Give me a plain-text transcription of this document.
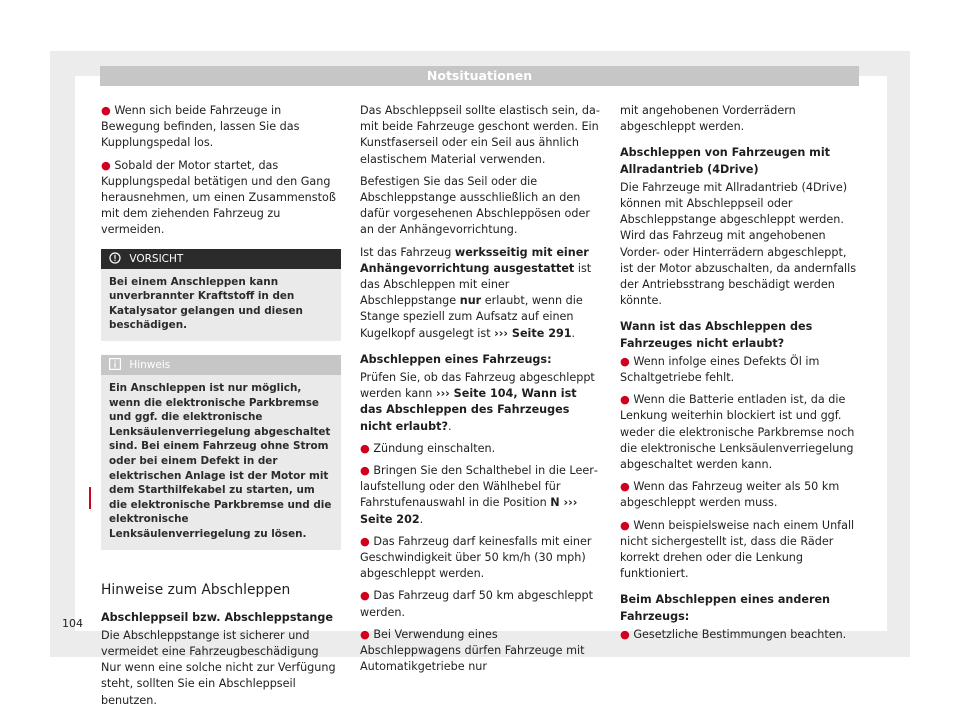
Notsituationen
● Wenn sich beide Fahrzeuge in Bewegung befinden, lassen Sie das Kupplungspedal los.
● Sobald der Motor startet, das Kupplungspedal betätigen und den Gang herausnehmen, um einen Zusammenstoß mit dem ziehenden Fahrzeug zu vermeiden.
VORSICHT
Bei einem Anschleppen kann unverbrannter Kraftstoff in den Katalysator gelangen und diesen beschädigen.
Hinweis
Ein Anschleppen ist nur möglich, wenn die elektronische Parkbremse und ggf. die elektronische Lenksäulenverriegelung abgeschaltet sind. Bei einem Fahrzeug ohne Strom oder bei einem Defekt in der elektrischen Anlage ist der Motor mit dem Starthilfekabel zu starten, um die elektronische Parkbremse und die elektronische Lenksäulenverriegelung zu lösen.
Hinweise zum Abschleppen
Abschleppseil bzw. Abschleppstange
Die Abschleppstange ist sicherer und vermeidet eine Fahrzeugbeschädigung Nur wenn eine solche nicht zur Verfügung steht, sollten Sie ein Abschleppseil benutzen.
Das Abschleppseil sollte elastisch sein, damit beide Fahrzeuge geschont werden. Ein Kunstfaserseil oder ein Seil aus ähnlich elastischem Material verwenden.
Befestigen Sie das Seil oder die Abschleppstange ausschließlich an den dafür vorgesehenen Abschleppösen oder an der Anhängevorrichtung.
Ist das Fahrzeug werksseitig mit einer Anhängevorrichtung ausgestattet ist das Abschleppen mit einer Abschleppstange nur erlaubt, wenn die Stange speziell zum Aufsatz auf einen Kugelkopf ausgelegt ist ››› Seite 291.
Abschleppen eines Fahrzeugs:
Prüfen Sie, ob das Fahrzeug abgeschleppt werden kann ››› Seite 104, Wann ist das Abschleppen des Fahrzeuges nicht erlaubt?.
● Zündung einschalten.
● Bringen Sie den Schalthebel in die Leerlaufstellung oder den Wählhebel für Fahrstufenauswahl in die Position N ››› Seite 202.
● Das Fahrzeug darf keinesfalls mit einer Geschwindigkeit über 50 km/h (30 mph) abgeschleppt werden.
● Das Fahrzeug darf 50 km abgeschleppt werden.
● Bei Verwendung eines Abschleppwagens dürfen Fahrzeuge mit Automatikgetriebe nur
mit angehobenen Vorderrädern abgeschleppt werden.
Abschleppen von Fahrzeugen mit Allradantrieb (4Drive)
Die Fahrzeuge mit Allradantrieb (4Drive) können mit Abschleppseil oder Abschleppstange abgeschleppt werden. Wird das Fahrzeug mit angehobenen Vorder- oder Hinterrädern abgeschleppt, ist der Motor abzuschalten, da andernfalls der Antriebsstrang beschädigt werden könnte.
Wann ist das Abschleppen des Fahrzeuges nicht erlaubt?
● Wenn infolge eines Defekts Öl im Schaltgetriebe fehlt.
● Wenn die Batterie entladen ist, da die Lenkung weiterhin blockiert ist und ggf. weder die elektronische Parkbremse noch die elektronische Lenksäulenverriegelung abgeschaltet werden kann.
● Wenn das Fahrzeug weiter als 50 km abgeschleppt werden muss.
● Wenn beispielsweise nach einem Unfall nicht sichergestellt ist, dass die Räder korrekt drehen oder die Lenkung funktioniert.
Beim Abschleppen eines anderen Fahrzeugs:
● Gesetzliche Bestimmungen beachten.
104
